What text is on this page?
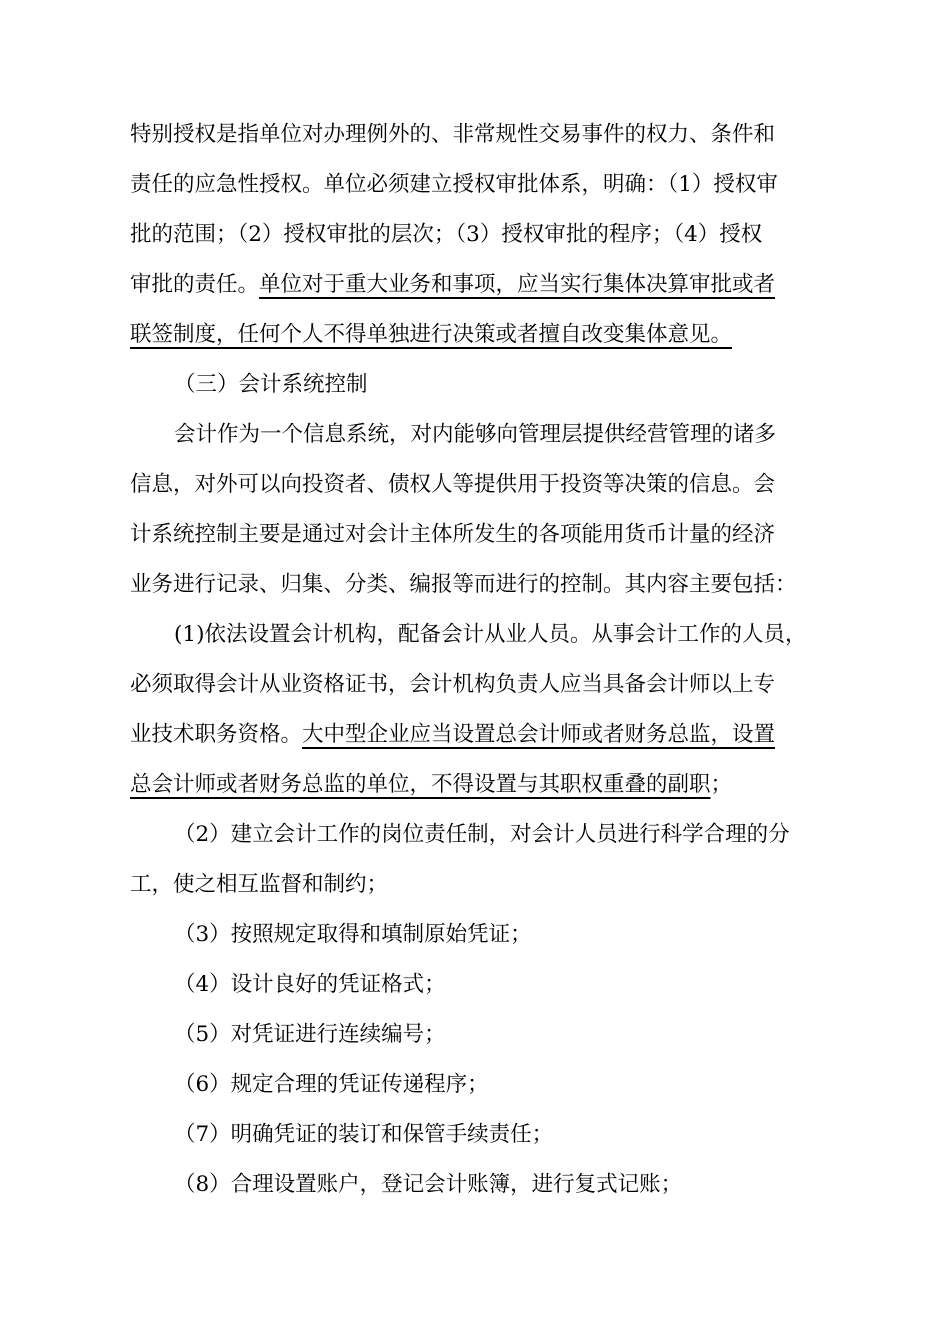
特别授权是指单位对办理例外的、非常规性交易事件的权力、条件和
责任的应急性授权。单位必须建立授权审批体系，明确：（1）授权审
批的范围；（2）授权审批的层次；（3）授权审批的程序；（4）授权
审批的责任。单位对于重大业务和事项，应当实行集体决算审批或者
联签制度，任何个人不得单独进行决策或者擅自改变集体意见。
（三）会计系统控制
会计作为一个信息系统，对内能够向管理层提供经营管理的诸多
信息，对外可以向投资者、债权人等提供用于投资等决策的信息。会
计系统控制主要是通过对会计主体所发生的各项能用货币计量的经济
业务进行记录、归集、分类、编报等而进行的控制。其内容主要包括：
(1)依法设置会计机构，配备会计从业人员。从事会计工作的人员，
必须取得会计从业资格证书，会计机构负责人应当具备会计师以上专
业技术职务资格。大中型企业应当设置总会计师或者财务总监，设置
总会计师或者财务总监的单位，不得设置与其职权重叠的副职；
（2）建立会计工作的岗位责任制，对会计人员进行科学合理的分
工，使之相互监督和制约；
（3）按照规定取得和填制原始凭证；
（4）设计良好的凭证格式；
（5）对凭证进行连续编号；
（6）规定合理的凭证传递程序；
（7）明确凭证的装订和保管手续责任；
（8）合理设置账户，登记会计账簿，进行复式记账；
